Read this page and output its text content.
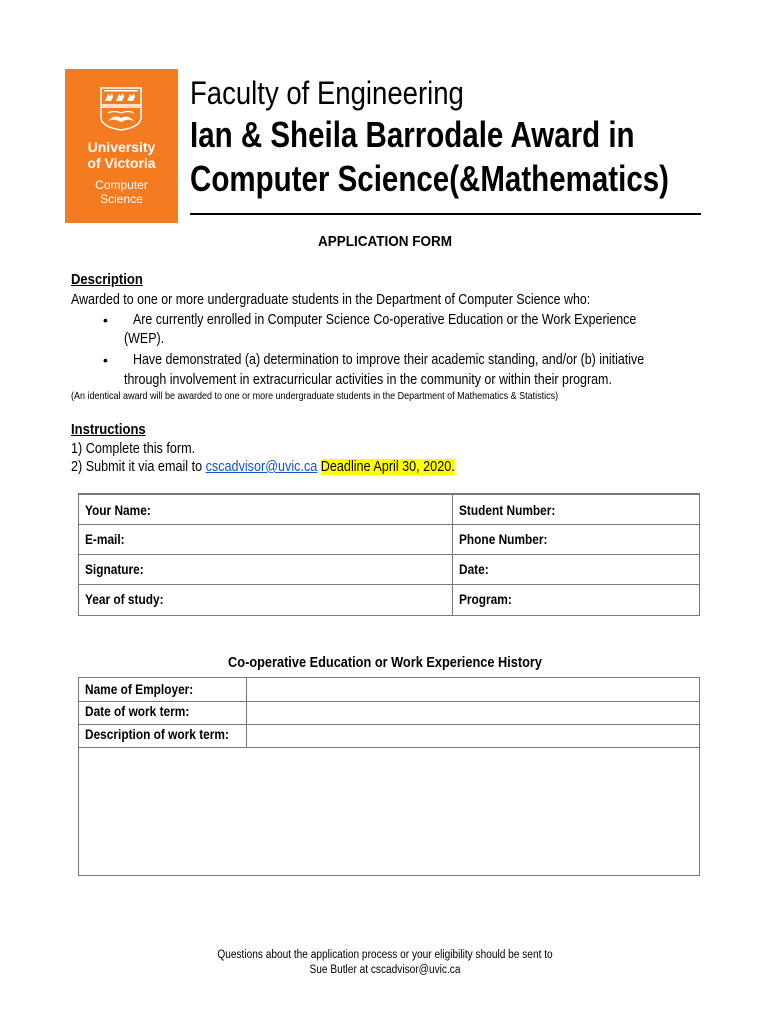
University
of Victoria
Computer
Science
Faculty of Engineering
Ian & Sheila Barrodale Award in
Computer Science(&Mathematics)
APPLICATION FORM
Description
Awarded to one or more undergraduate students in the Department of Computer Science who:
• Are currently enrolled in Computer Science Co-operative Education or the Work Experience
(WEP).
• Have demonstrated (a) determination to improve their academic standing, and/or (b) initiative
through involvement in extracurricular activities in the community or within their program.
(An identical award will be awarded to one or more undergraduate students in the Department of Mathematics & Statistics)
Instructions
1) Complete this form.
2) Submit it via email to cscadvisor@uvic.ca Deadline April 30, 2020.
Your Name:	Student Number:
E-mail:	Phone Number:
Signature:	Date:
Year of study:	Program:
Co-operative Education or Work Experience History
Name of Employer:
Date of work term:
Description of work term:
Questions about the application process or your eligibility should be sent to
Sue Butler at cscadvisor@uvic.ca
